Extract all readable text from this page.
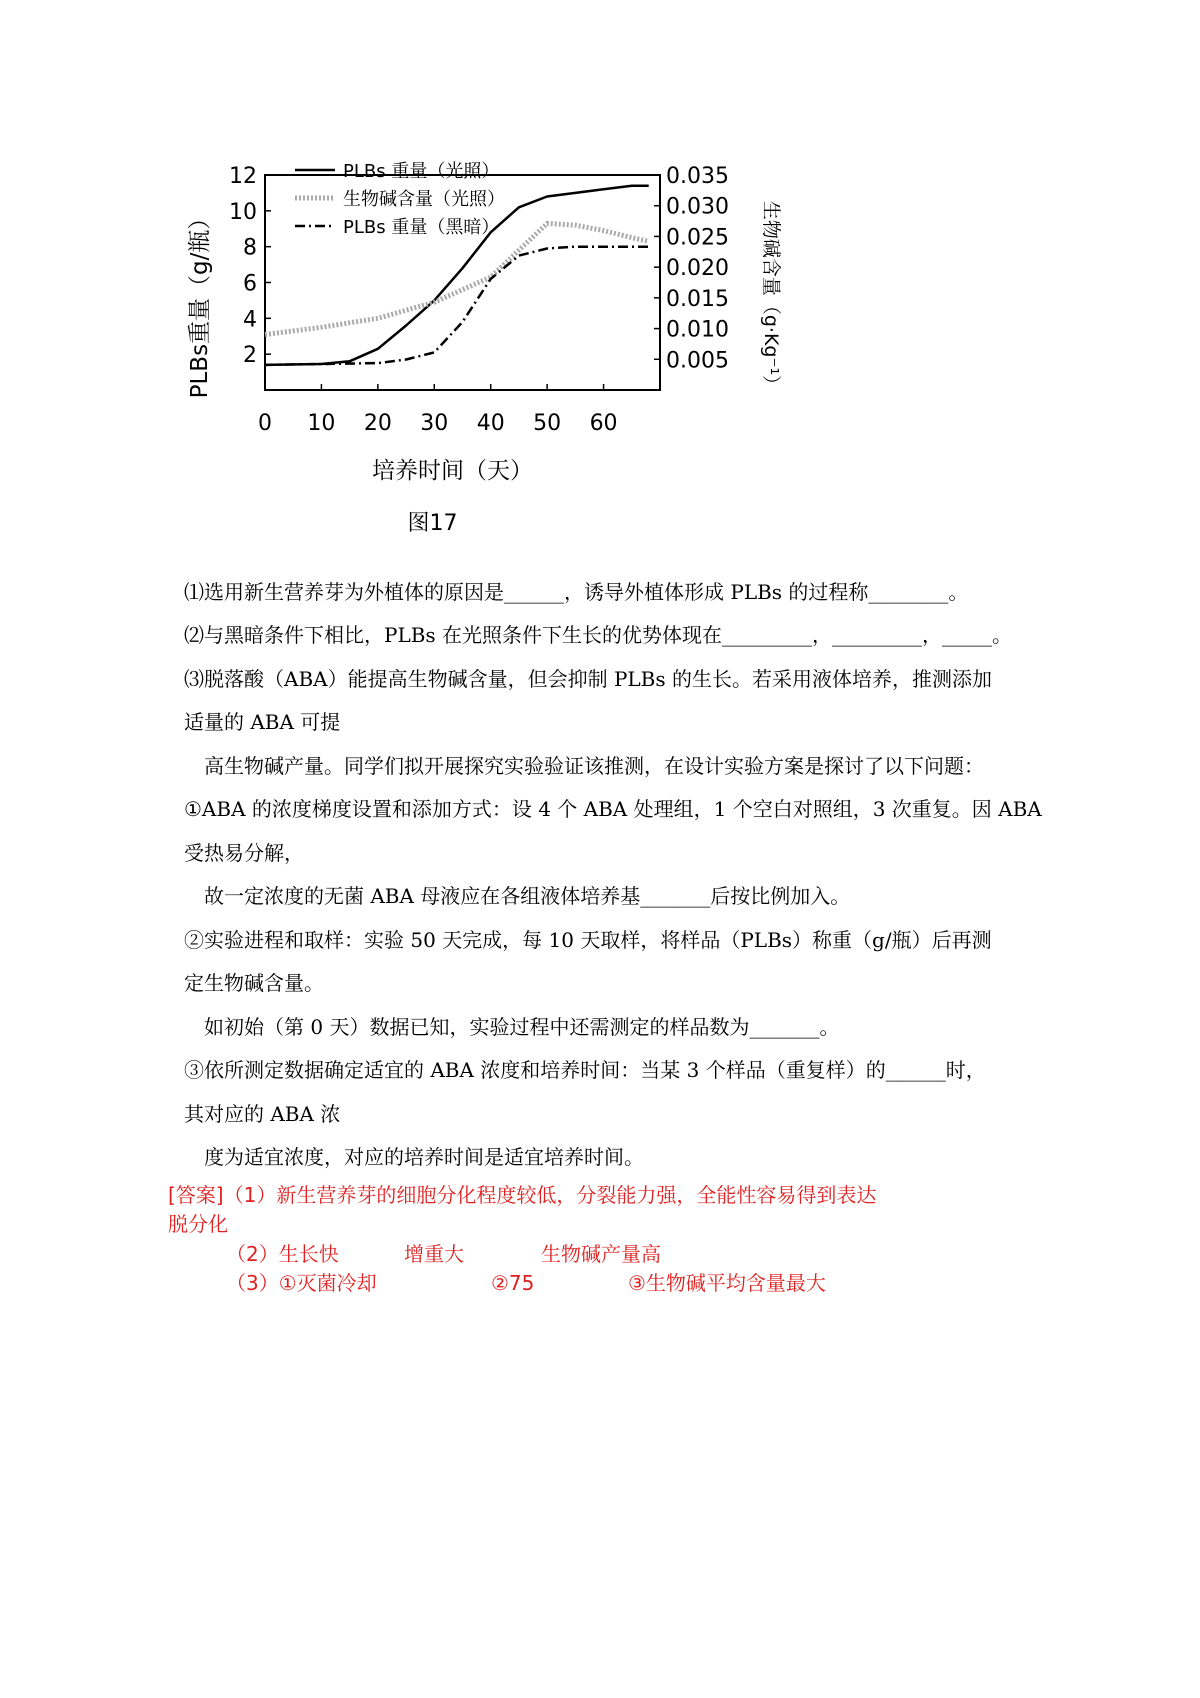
0 10 20 30 40 50 60
2
4
6
8
10
12
0.005
0.010
0.015
0.020
0.025
0.030
0.035
培养时间（天）
PLBs重量（g/瓶）	生物碱含量（g·Kg⁻¹）
图17
PLBs 重量（光照）
生物碱含量（光照）
PLBs 重量（黑暗）
⑴选用新生营养芽为外植体的原因是______，诱导外植体形成 PLBs 的过程称________。
⑵与黑暗条件下相比，PLBs 在光照条件下生长的优势体现在_________，_________，_____。
⑶脱落酸（ABA）能提高生物碱含量，但会抑制 PLBs 的生长。若采用液体培养，推测添加
适量的 ABA 可提
　高生物碱产量。同学们拟开展探究实验验证该推测，在设计实验方案是探讨了以下问题：
①ABA 的浓度梯度设置和添加方式：设 4 个 ABA 处理组，1 个空白对照组，3 次重复。因 ABA
受热易分解，
　故一定浓度的无菌 ABA 母液应在各组液体培养基_______后按比例加入。
②实验进程和取样：实验 50 天完成，每 10 天取样，将样品（PLBs）称重（g/瓶）后再测
定生物碱含量。
　如初始（第 0 天）数据已知，实验过程中还需测定的样品数为_______。
③依所测定数据确定适宜的 ABA 浓度和培养时间：当某 3 个样品（重复样）的______时，
其对应的 ABA 浓
　度为适宜浓度，对应的培养时间是适宜培养时间。
[答案]（1）新生营养芽的细胞分化程度较低，分裂能力强，全能性容易得到表达
脱分化
（2）生长快	增重大	生物碱产量高
（3）①灭菌冷却	②75	③生物碱平均含量最大
